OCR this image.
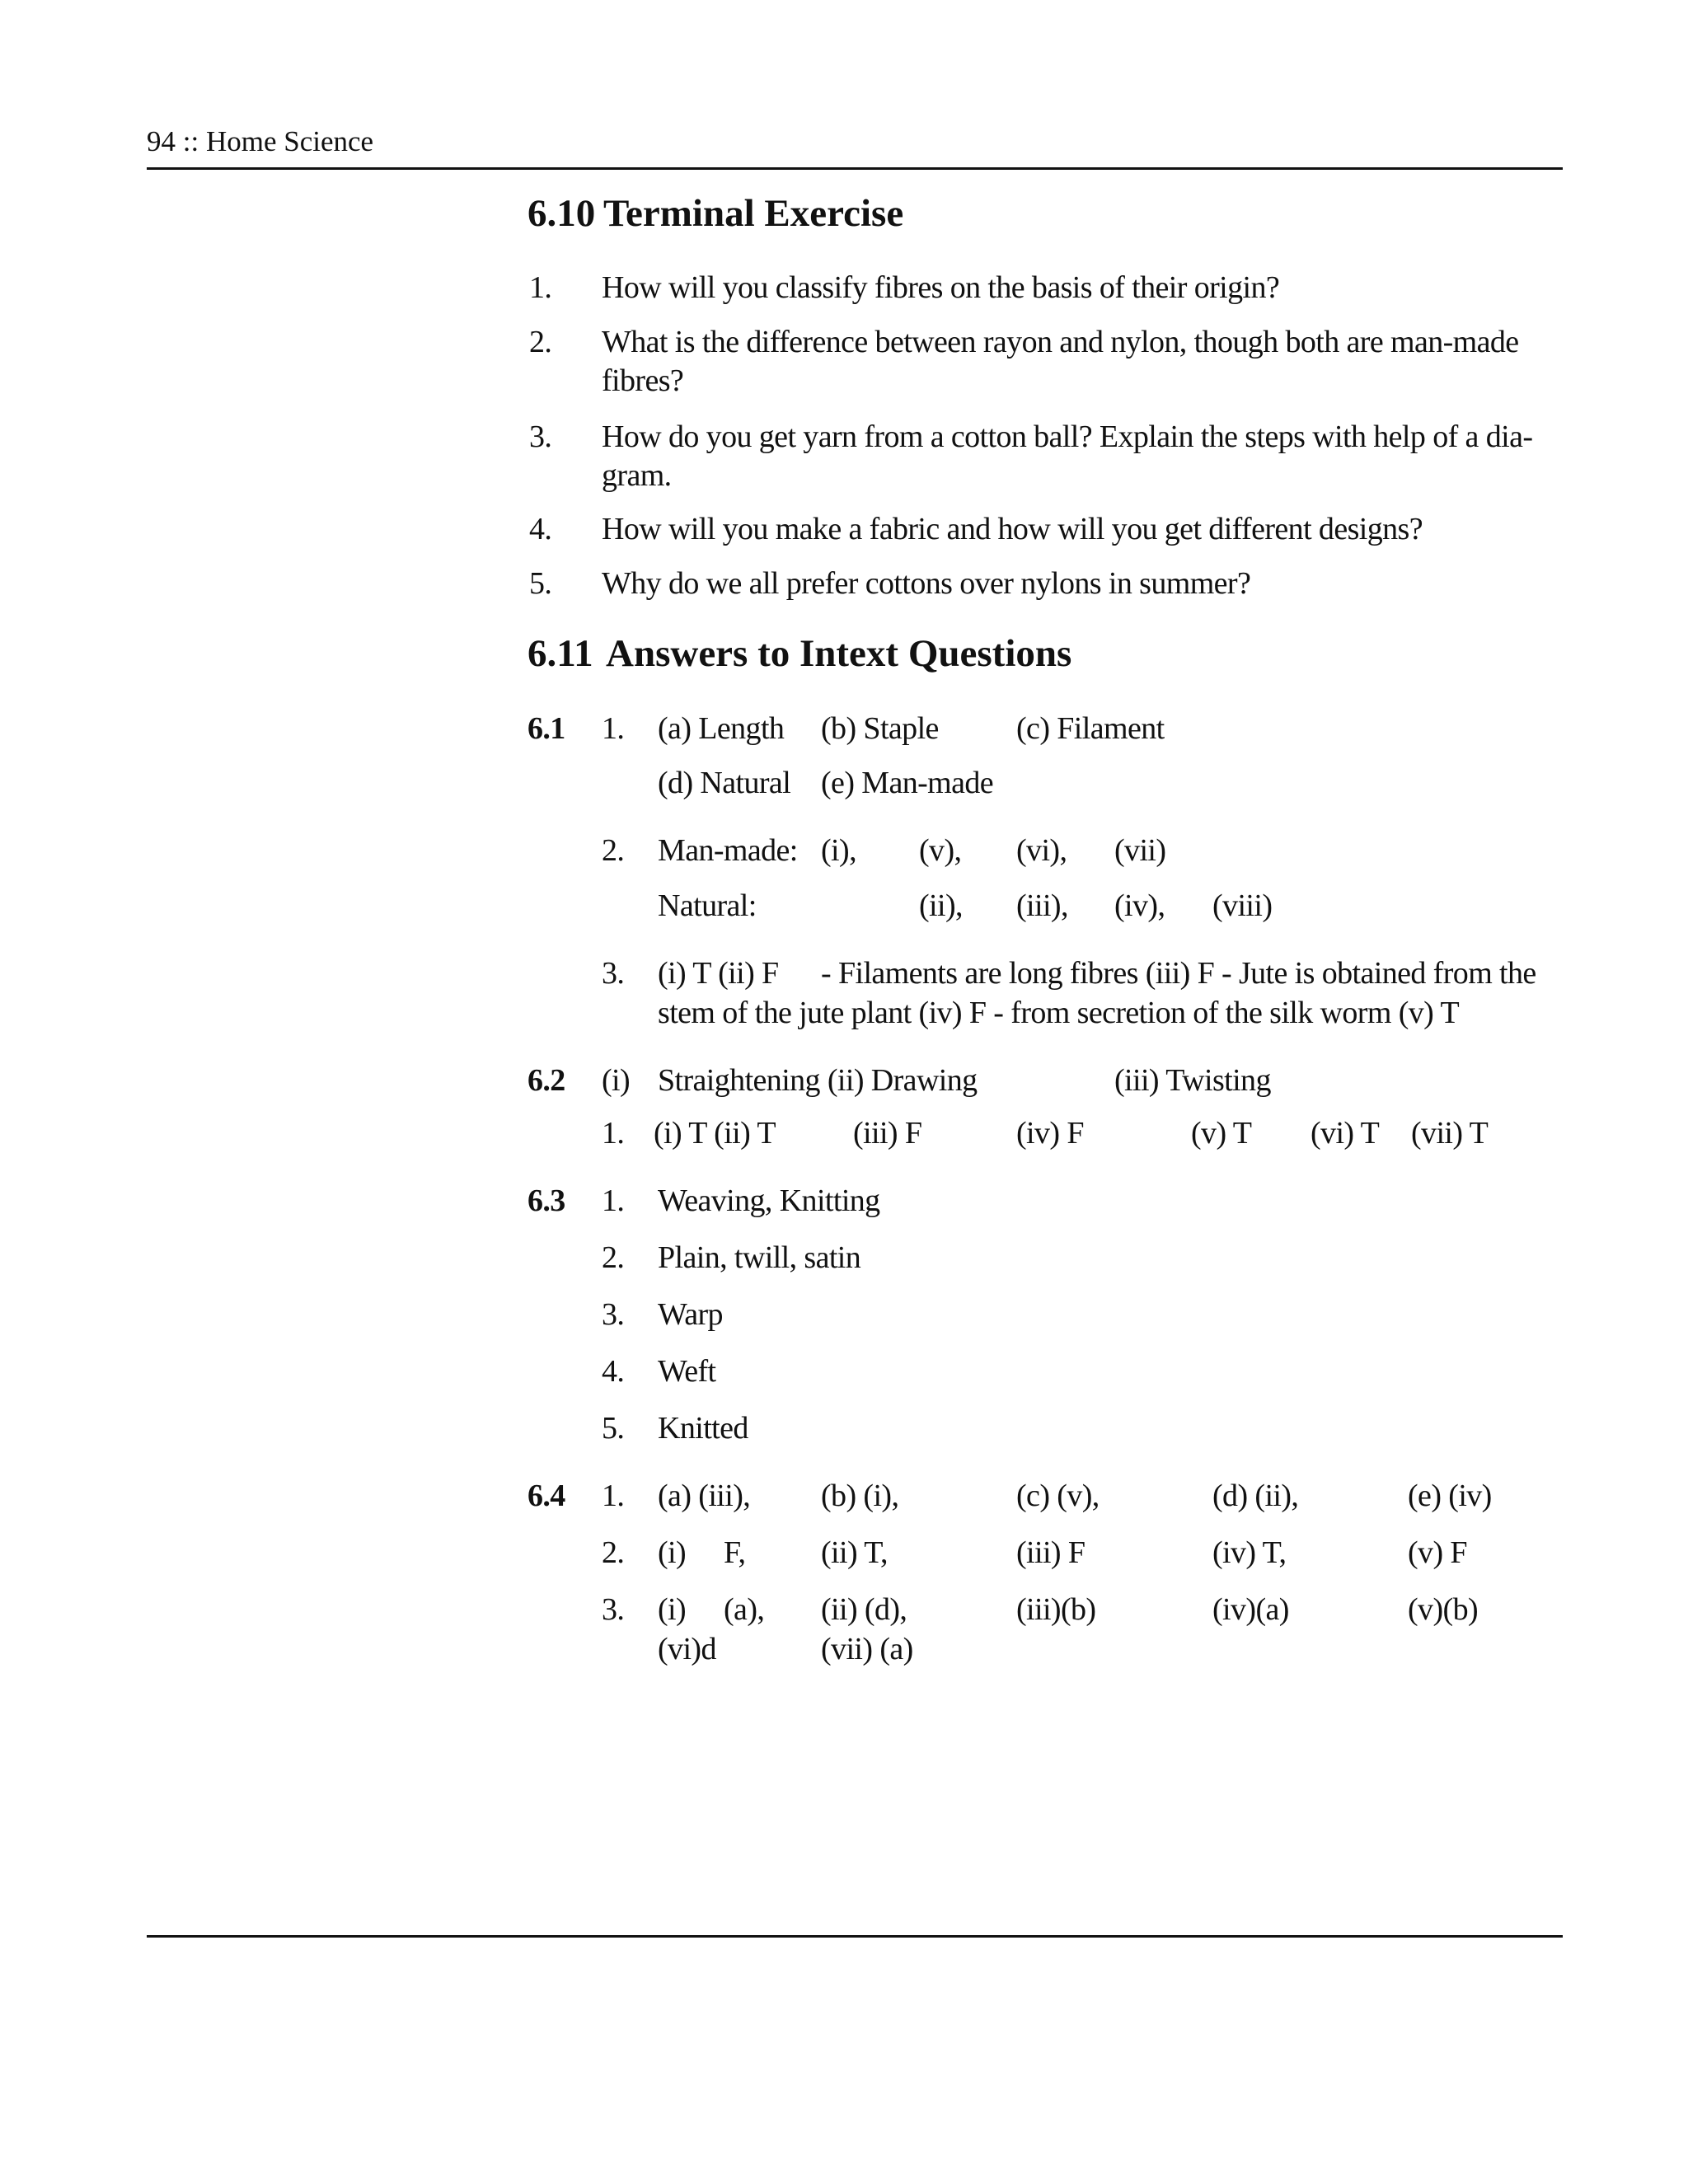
94 :: Home Science
6.10 Terminal Exercise
1. How will you classify fibres on the basis of their origin?
2. What is the difference between rayon and nylon, though both are man-made
fibres?
3. How do you get yarn from a cotton ball? Explain the steps with help of a dia-
gram.
4. How will you make a fabric and how will you get different designs?
5. Why do we all prefer cottons over nylons in summer?
6.11 Answers to Intext Questions
6.1 1. (a) Length (b) Staple (c) Filament
(d) Natural (e) Man-made
2. Man-made: (i), (v), (vi), (vii)
Natural:	(ii), (iii), (iv), (viii)
3. (i) T (ii) F - Filaments are long fibres (iii) F - Jute is obtained from the
stem of the jute plant (iv) F - from secretion of the silk worm (v) T
6.2 (i) Straightening (ii) Drawing	(iii) Twisting
1. (i) T (ii) T (iii) F	(iv) F	(v) T (vi) T (vii) T
6.3 1. Weaving, Knitting
2. Plain, twill, satin
3. Warp
4. Weft
5. Knitted
6.4 1. (a) (iii), (b) (i),	(c) (v),	(d) (ii),	(e) (iv)
2. (i) F, (ii) T,	(iii) F	(iv) T,	(v) F
3. (i) (a), (ii) (d),	(iii)(b)	(iv)(a)	(v)(b)
(vi)d	(vii) (a)
